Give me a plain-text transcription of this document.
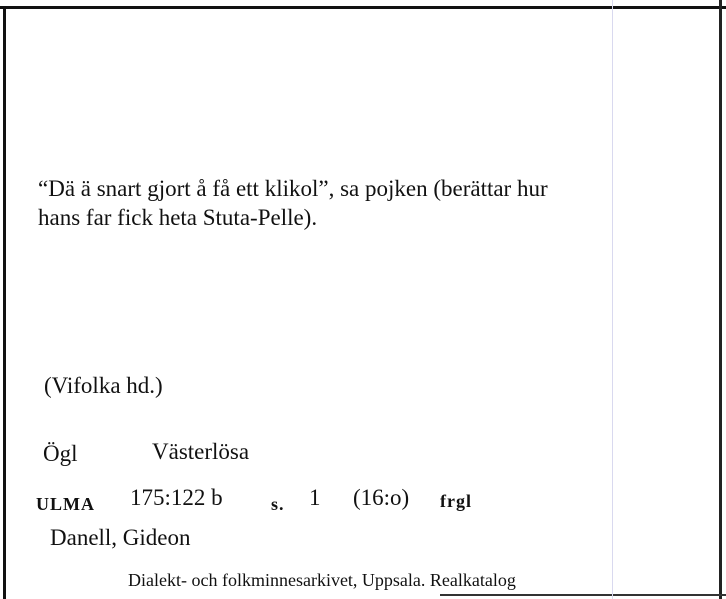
“Dä ä snart gjort å få ett klikol”, sa pojken (berättar hur
hans far fick heta Stuta-Pelle).
(Vifolka hd.)
Ögl	Västerlösa
ULMA 175:122 b	s. 1 (16:o) frgl
Danell, Gideon
Dialekt- och folkminnesarkivet, Uppsala. Realkatalog
